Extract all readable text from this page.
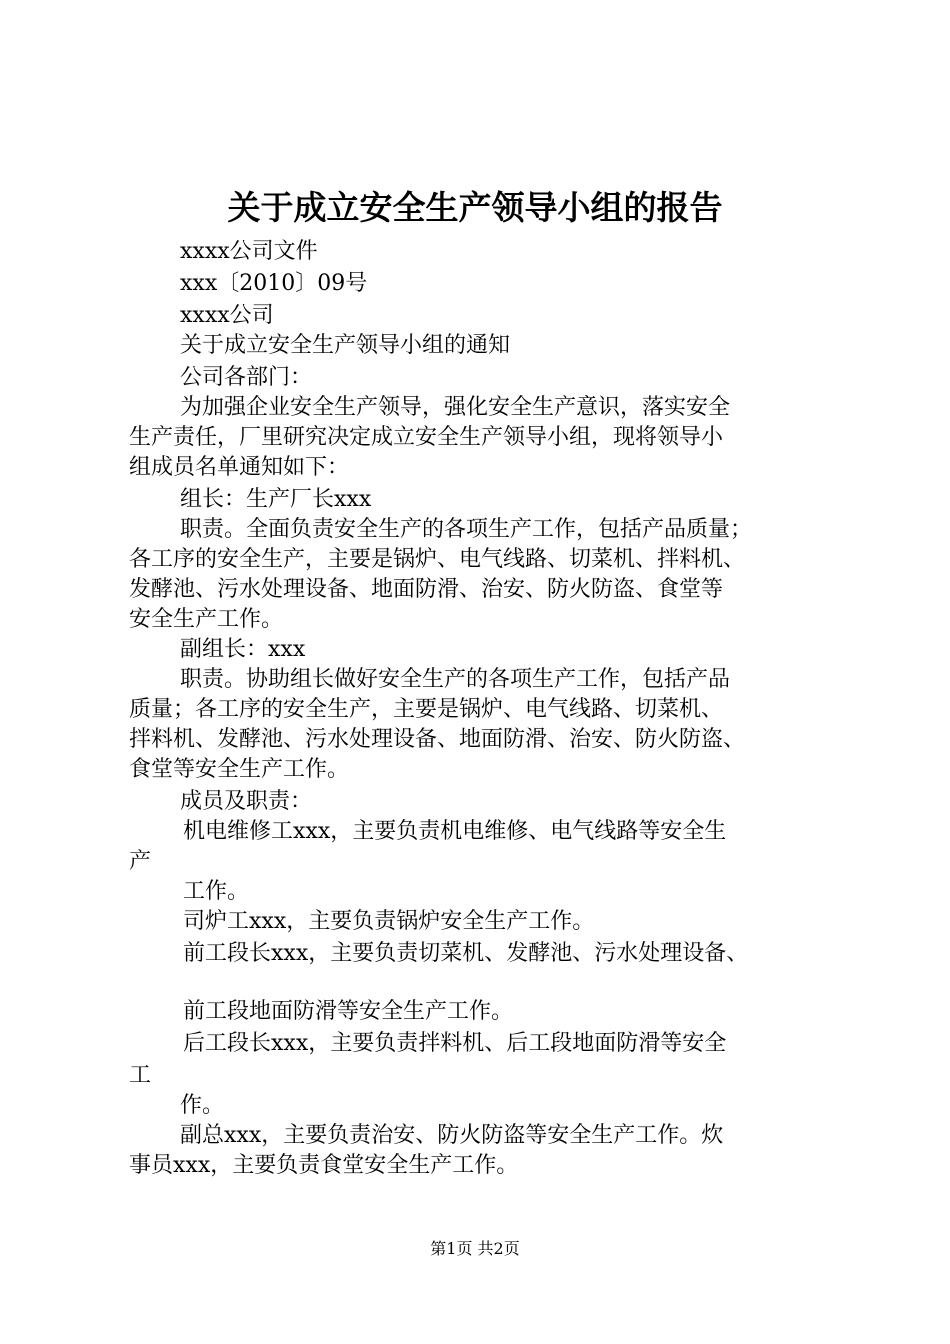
关于成立安全生产领导小组的报告
xxxx公司文件
xxx〔2010〕09号
xxxx公司
关于成立安全生产领导小组的通知
公司各部门：
为加强企业安全生产领导，强化安全生产意识，落实安全
生产责任，厂里研究决定成立安全生产领导小组，现将领导小
组成员名单通知如下：
组长：生产厂长xxx
职责。全面负责安全生产的各项生产工作，包括产品质量；
各工序的安全生产，主要是锅炉、电气线路、切菜机、拌料机、
发酵池、污水处理设备、地面防滑、治安、防火防盗、食堂等
安全生产工作。
副组长：xxx
职责。协助组长做好安全生产的各项生产工作，包括产品
质量；各工序的安全生产，主要是锅炉、电气线路、切菜机、
拌料机、发酵池、污水处理设备、地面防滑、治安、防火防盗、
食堂等安全生产工作。
成员及职责：
机电维修工xxx，主要负责机电维修、电气线路等安全生
产
工作。
司炉工xxx，主要负责锅炉安全生产工作。
前工段长xxx，主要负责切菜机、发酵池、污水处理设备、
前工段地面防滑等安全生产工作。
后工段长xxx，主要负责拌料机、后工段地面防滑等安全
工
作。
副总xxx，主要负责治安、防火防盗等安全生产工作。炊
事员xxx，主要负责食堂安全生产工作。
第1页 共2页
